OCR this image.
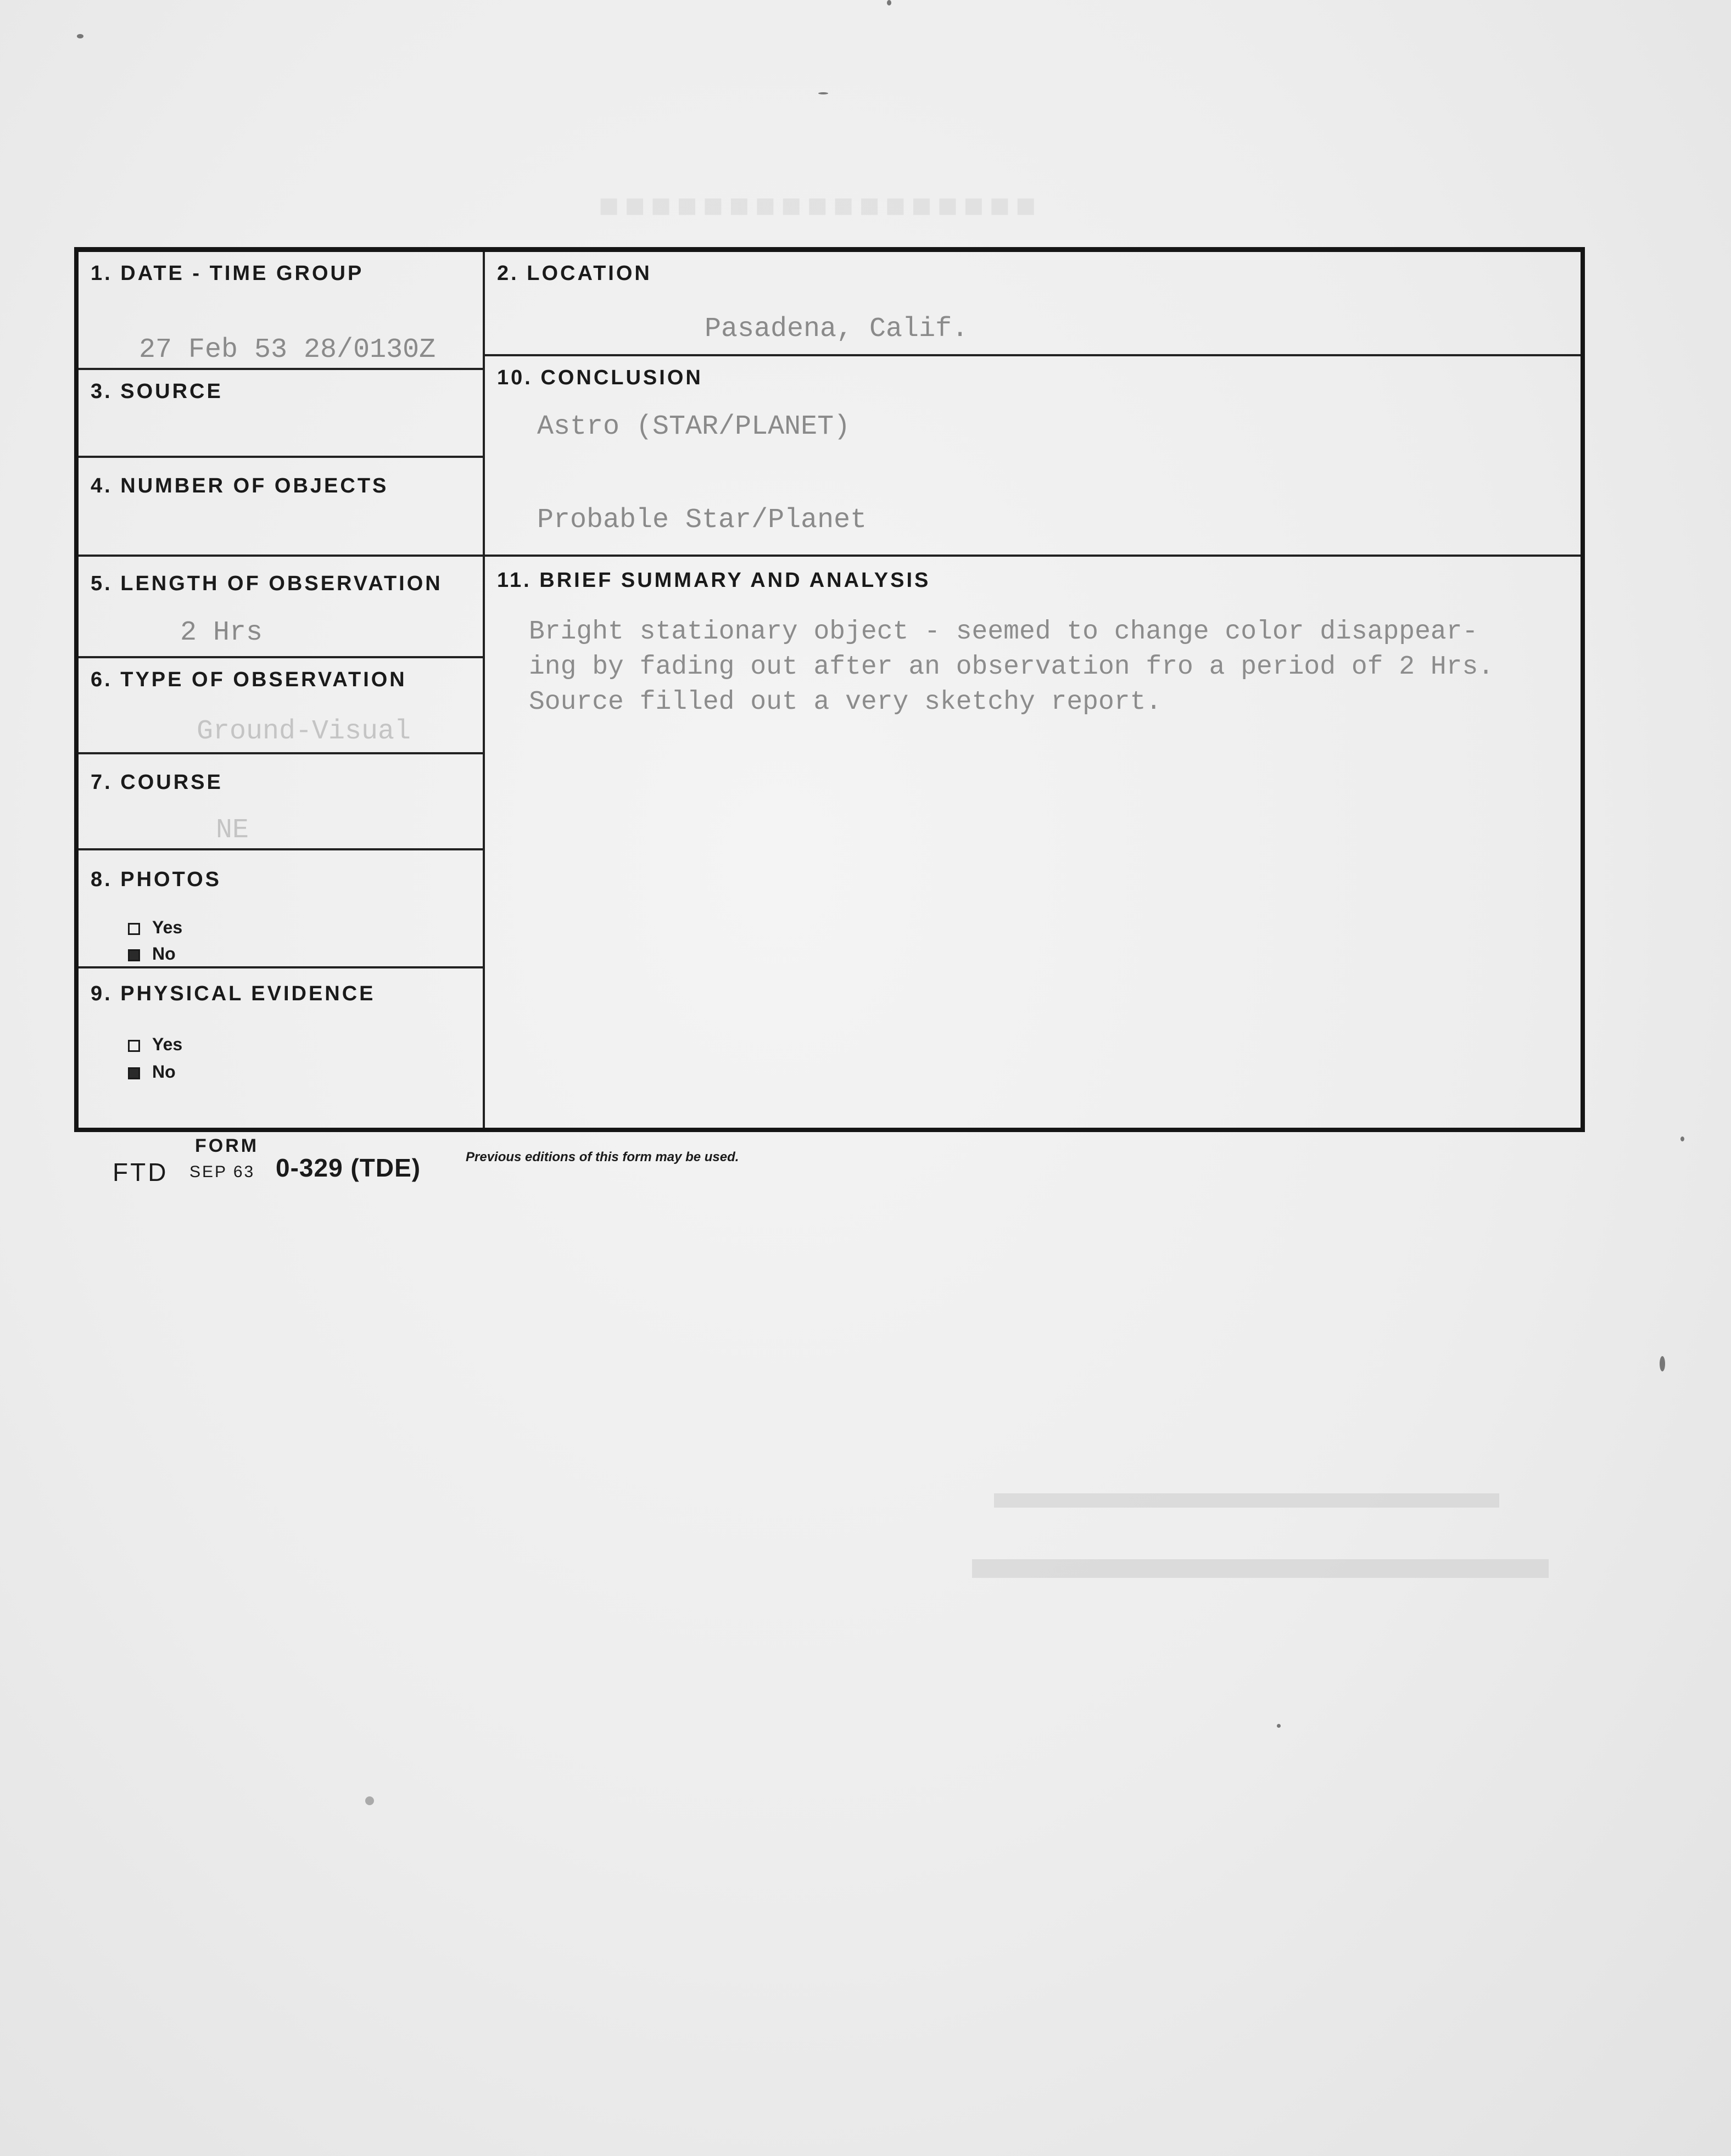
■■■■■■■■■■■■■■■■■
1. DATE - TIME GROUP
27 Feb 53 28/0130Z
3. SOURCE
4. NUMBER OF OBJECTS
5. LENGTH OF OBSERVATION
2 Hrs
6. TYPE OF OBSERVATION
Ground-Visual
7. COURSE
NE
8. PHOTOS
Yes
No
9. PHYSICAL EVIDENCE
Yes
No
2. LOCATION
Pasadena, Calif.
10. CONCLUSION
Astro (STAR/PLANET)
Probable Star/Planet
11. BRIEF SUMMARY AND ANALYSIS
Bright stationary object - seemed to change color disappear-
ing by fading out after an observation fro a period of 2 Hrs.
Source filled out a very sketchy report.
FORM
FTD SEP 63 0-329 (TDE)	Previous editions of this form may be used.
